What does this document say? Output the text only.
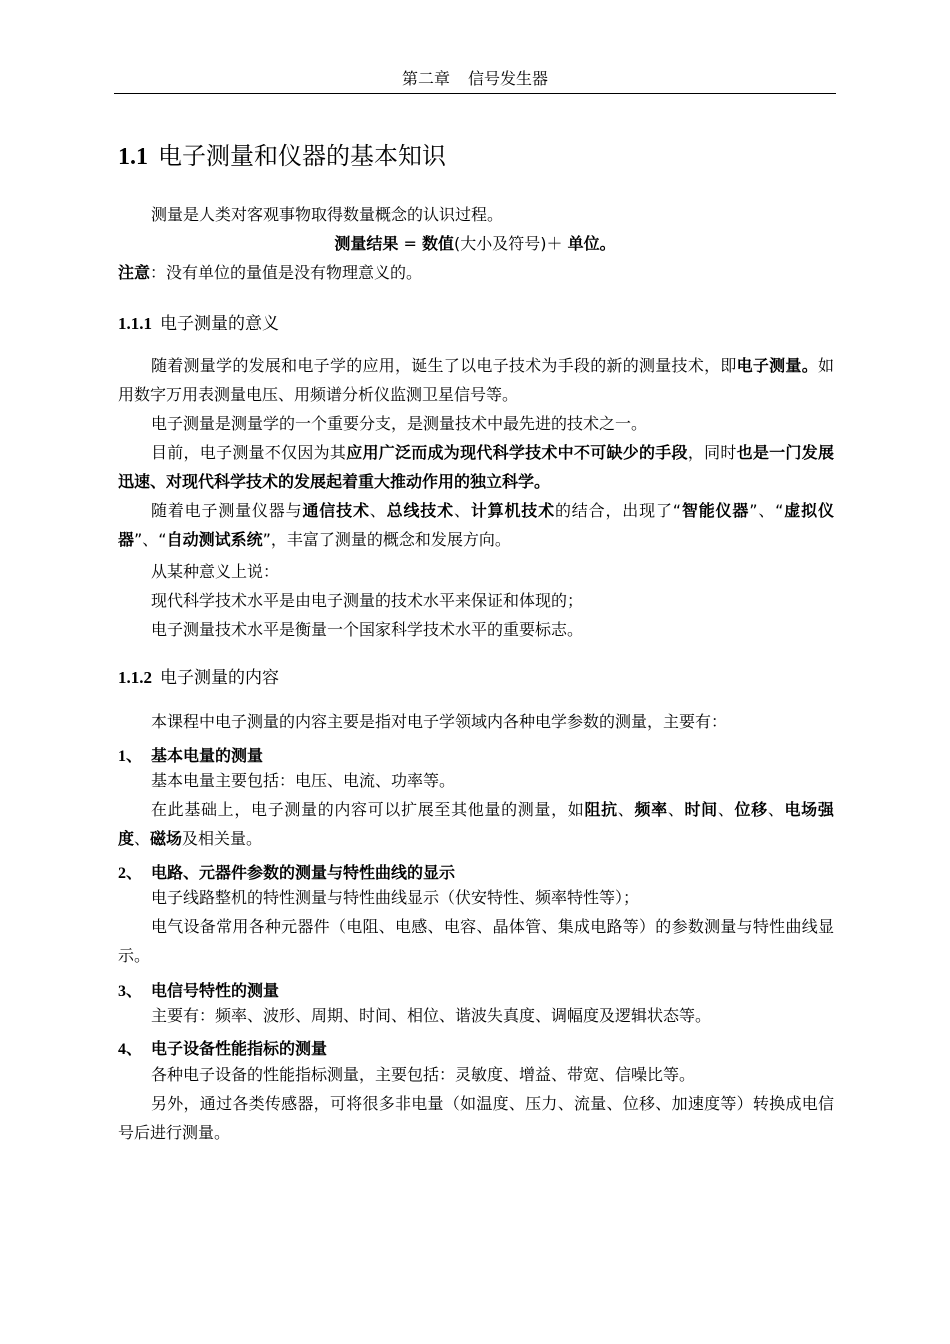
第二章 信号发生器
1.1 电子测量和仪器的基本知识
测量是人类对客观事物取得数量概念的认识过程。
测量结果 = 数值(大小及符号)＋ 单位。
注意：没有单位的量值是没有物理意义的。
1.1.1 电子测量的意义
随着测量学的发展和电子学的应用，诞生了以电子技术为手段的新的测量技术，即电子测量。如用数字万用表测量电压、用频谱分析仪监测卫星信号等。
电子测量是测量学的一个重要分支，是测量技术中最先进的技术之一。
目前，电子测量不仅因为其应用广泛而成为现代科学技术中不可缺少的手段，同时也是一门发展迅速、对现代科学技术的发展起着重大推动作用的独立科学。
随着电子测量仪器与通信技术、总线技术、计算机技术的结合，出现了“智能仪器”、“虚拟仪器”、“自动测试系统”，丰富了测量的概念和发展方向。
从某种意义上说：
现代科学技术水平是由电子测量的技术水平来保证和体现的；
电子测量技术水平是衡量一个国家科学技术水平的重要标志。
1.1.2 电子测量的内容
本课程中电子测量的内容主要是指对电子学领域内各种电学参数的测量，主要有：
1、 基本电量的测量
基本电量主要包括：电压、电流、功率等。
在此基础上，电子测量的内容可以扩展至其他量的测量，如阻抗、频率、时间、位移、电场强度、磁场及相关量。
2、 电路、元器件参数的测量与特性曲线的显示
电子线路整机的特性测量与特性曲线显示（伏安特性、频率特性等）；
电气设备常用各种元器件（电阻、电感、电容、晶体管、集成电路等）的参数测量与特性曲线显示。
3、 电信号特性的测量
主要有：频率、波形、周期、时间、相位、谐波失真度、调幅度及逻辑状态等。
4、 电子设备性能指标的测量
各种电子设备的性能指标测量，主要包括：灵敏度、增益、带宽、信噪比等。
另外，通过各类传感器，可将很多非电量（如温度、压力、流量、位移、加速度等）转换成电信号后进行测量。
